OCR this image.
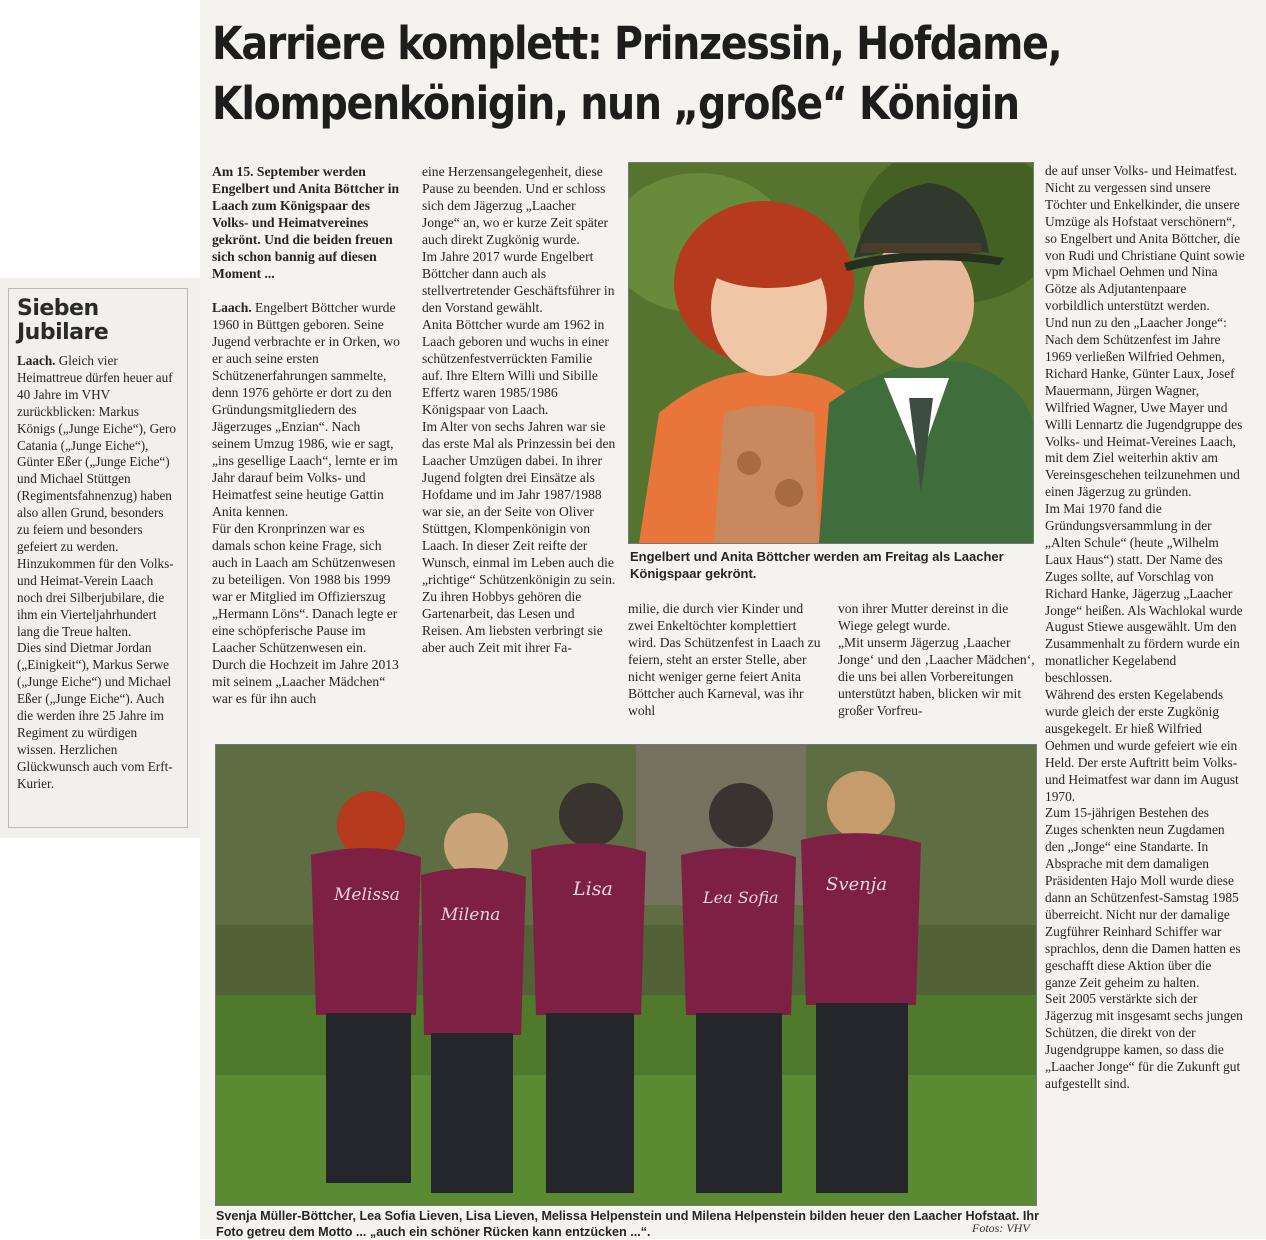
Karriere komplett: Prinzessin, Hofdame,
Klompenkönigin, nun „große“ Königin
Sieben Jubilare

Laach. Gleich vier Heimattreue dürfen heuer auf 40 Jahre im VHV zurückblicken: Markus Königs („Junge Eiche“), Gero Catania („Junge Eiche“), Günter Eßer („Junge Eiche“) und Michael Stüttgen (Regimentsfahnenzug) haben also allen Grund, besonders zu feiern und besonders gefeiert zu werden.

Hinzukommen für den Volks- und Heimat-Verein Laach noch drei Silberjubilare, die ihm ein Vierteljahrhundert lang die Treue halten.

Dies sind Dietmar Jordan („Einigkeit“), Markus Serwe („Junge Eiche“) und Michael Eßer („Junge Eiche“). Auch die werden ihre 25 Jahre im Regiment zu würdigen wissen. Herzlichen Glückwunsch auch vom Erft-Kurier.

Am 15. September werden Engelbert und Anita Böttcher in Laach zum Königspaar des Volks- und Heimatvereines gekrönt. Und die beiden freuen sich schon bannig auf diesen Moment ...

Laach. Engelbert Böttcher wurde 1960 in Büttgen geboren. Seine Jugend verbrachte er in Orken, wo er auch seine ersten Schützenerfahrungen sammelte, denn 1976 gehörte er dort zu den Gründungsmitgliedern des Jägerzuges „Enzian“. Nach seinem Umzug 1986, wie er sagt, „ins gesellige Laach“, lernte er im Jahr darauf beim Volks- und Heimatfest seine heutige Gattin Anita kennen.

Für den Kronprinzen war es damals schon keine Frage, sich auch in Laach am Schützenwesen zu beteiligen. Von 1988 bis 1999 war er Mitglied im Offizierszug „Hermann Löns“. Danach legte er eine schöpferische Pause im Laacher Schützenwesen ein.

Durch die Hochzeit im Jahre 2013 mit seinem „Laacher Mädchen“ war es für ihn auch

eine Herzensangelegenheit, diese Pause zu beenden. Und er schloss sich dem Jägerzug „Laacher Jonge“ an, wo er kurze Zeit später auch direkt Zugkönig wurde.

Im Jahre 2017 wurde Engelbert Böttcher dann auch als stellvertretender Geschäftsführer in den Vorstand gewählt.

Anita Böttcher wurde am 1962 in Laach geboren und wuchs in einer schützenfestverrückten Familie auf. Ihre Eltern Willi und Sibille Effertz waren 1985/1986 Königspaar von Laach.

Im Alter von sechs Jahren war sie das erste Mal als Prinzessin bei den Laacher Umzügen dabei. In ihrer Jugend folgten drei Einsätze als Hofdame und im Jahr 1987/1988 war sie, an der Seite von Oliver Stüttgen, Klompenkönigin von Laach. In dieser Zeit reifte der Wunsch, einmal im Leben auch die „richtige“ Schützenkönigin zu sein.

Zu ihren Hobbys gehören die Gartenarbeit, das Lesen und Reisen. Am liebsten verbringt sie aber auch Zeit mit ihrer Fa-

Engelbert und Anita Böttcher werden am Freitag als Laacher Königspaar gekrönt.

milie, die durch vier Kinder und zwei Enkeltöchter komplettiert wird. Das Schützenfest in Laach zu feiern, steht an erster Stelle, aber nicht weniger gerne feiert Anita Böttcher auch Karneval, was ihr wohl

von ihrer Mutter dereinst in die Wiege gelegt wurde.

„Mit unserm Jägerzug ‚Laacher Jonge‘ und den ‚Laacher Mädchen‘, die uns bei allen Vorbereitungen unterstützt haben, blicken wir mit großer Vorfreu-

de auf unser Volks- und Heimatfest. Nicht zu vergessen sind unsere Töchter und Enkelkinder, die unsere Umzüge als Hofstaat verschönern“, so Engelbert und Anita Böttcher, die von Rudi und Christiane Quint sowie vpm Michael Oehmen und Nina Götze als Adjutantenpaare vorbildlich unterstützt werden.

Und nun zu den „Laacher Jonge“: Nach dem Schützenfest im Jahre 1969 verließen Wilfried Oehmen, Richard Hanke, Günter Laux, Josef Mauermann, Jürgen Wagner, Wilfried Wagner, Uwe Mayer und Willi Lennartz die Jugendgruppe des Volks- und Heimat-Vereines Laach, mit dem Ziel weiterhin aktiv am Vereinsgeschehen teilzunehmen und einen Jägerzug zu gründen.

Im Mai 1970 fand die Gründungsversammlung in der „Alten Schule“ (heute „Wilhelm Laux Haus“) statt. Der Name des Zuges sollte, auf Vorschlag von Richard Hanke, Jägerzug „Laacher Jonge“ heißen. Als Wachlokal wurde August Stiewe ausgewählt. Um den Zusammenhalt zu fördern wurde ein monatlicher Kegelabend beschlossen.

Während des ersten Kegelabends wurde gleich der erste Zugkönig ausgekegelt. Er hieß Wilfried Oehmen und wurde gefeiert wie ein Held. Der erste Auftritt beim Volks- und Heimatfest war dann im August 1970.

Zum 15-jährigen Bestehen des Zuges schenkten neun Zugdamen den „Jonge“ eine Standarte. In Absprache mit dem damaligen Präsidenten Hajo Moll wurde diese dann an Schützenfest-Samstag 1985 überreicht. Nicht nur der damalige Zugführer Reinhard Schiffer war sprachlos, denn die Damen hatten es geschafft diese Aktion über die ganze Zeit geheim zu halten.

Seit 2005 verstärkte sich der Jägerzug mit insgesamt sechs jungen Schützen, die direkt von der Jugendgruppe kamen, so dass die „Laacher Jonge“ für die Zukunft gut aufgestellt sind.

Melissa
Milena
Lisa	Lea Sofia
Svenja
Svenja Müller-Böttcher, Lea Sofia Lieven, Lisa Lieven, Melissa Helpenstein und Milena Helpenstein bilden heuer den Laacher Hofstaat. Ihr Foto getreu dem Motto ... „auch ein schöner Rücken kann entzücken ...“.	Fotos: VHV
